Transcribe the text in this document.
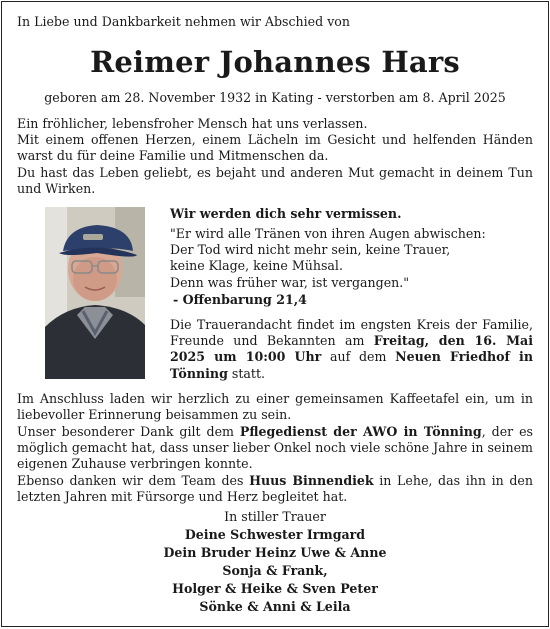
In Liebe und Dankbarkeit nehmen wir Abschied von

Reimer Johannes Hars

geboren am 28. November 1932 in Kating - verstorben am 8. April 2025

Ein fröhlicher, lebensfroher Mensch hat uns verlassen.
Mit einem offenen Herzen, einem Lächeln im Gesicht und helfenden Händen warst du für deine Familie und Mitmenschen da.
Du hast das Leben geliebt, es bejaht und anderen Mut gemacht in deinem Tun und Wirken.

Wir werden dich sehr vermissen.

"Er wird alle Tränen von ihren Augen abwischen:
Der Tod wird nicht mehr sein, keine Trauer,
keine Klage, keine Mühsal.
Denn was früher war, ist vergangen."

- Offenbarung 21,4

Die Trauerandacht findet im engsten Kreis der Familie, Freunde und Bekannten am Freitag, den 16. Mai 2025 um 10:00 Uhr auf dem Neuen Friedhof in Tönning statt.

Im Anschluss laden wir herzlich zu einer gemeinsamen Kaffeetafel ein, um in liebevoller Erinnerung beisammen zu sein.

Unser besonderer Dank gilt dem Pflegedienst der AWO in Tönning, der es möglich gemacht hat, dass unser lieber Onkel noch viele schöne Jahre in seinem eigenen Zuhause verbringen konnte.
Ebenso danken wir dem Team des Huus Binnendiek in Lehe, das ihn in den letzten Jahren mit Fürsorge und Herz begleitet hat.

In stiller Trauer

Deine Schwester Irmgard
Dein Bruder Heinz Uwe & Anne
Sonja & Frank,
Holger & Heike & Sven Peter
Sönke & Anni & Leila
